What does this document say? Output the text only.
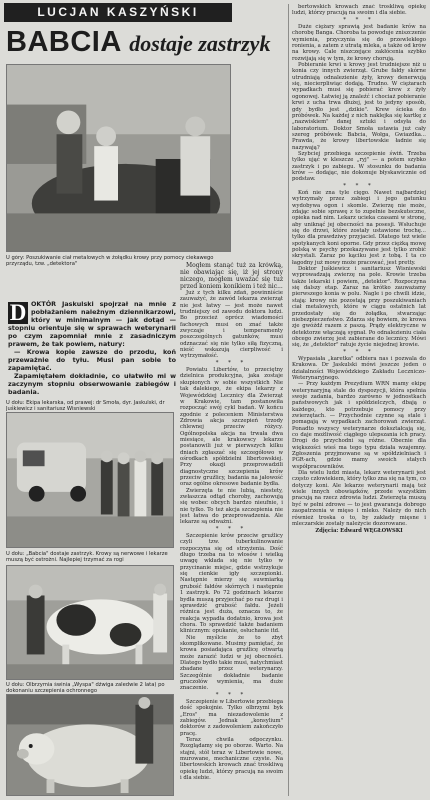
LUCJAN KASZYŃSKI
BABCIA dostaje zastrzyk
U góry: Poszukiwanie ciał metalowych w żołądku krowy przy pomocy ciekawego przyrządu, tzw. „detektora"
U dołu: Ekipa lekarska, od prawej: dr Smoła, dyr. Jaskulski, dr Juśkiewicz i sanitariusz Wisniewski
U dołu: „Babcia" dostaje zastrzyk. Krowy są nerwowe i lekarze muszą być ostrożni. Najlepiej trzymać za rogi
U dołu: Olbrzymia świnia „Wyspa" dźwiga zaledwie 2 lata) po dokonaniu szczepienia ochronnego
D OKTÓR Jaskulski spojrzał na mnie z pobłażaniem należnym dziennikarzowi, który w minimalnym — jak dotąd — stopniu orientuje się w sprawach weterynarii po czym zapomniał mnie z zasadniczym prawem, że tak powiem, natury:
— Krowa kopie zawsze do przodu, koń przeważnie do tyłu. Musi pan sobie to zapamiętać.
Zapamiętałem dokładnie, co ułatwiło mi w zaczynym stopniu obserwowanie zabiegów i badania.

Mogłem stanąć tuż za krówką, nie obawiając się, iż jej strony niczego, mogłem uważać się tuż przed koniem konikiem i też nic...

Już z tych kilku zdań, powinniście zauważyć, że zawód lekarza zwierząt nie jest łatwy — jest może nawet trudniejszy od zawodu doktora ludzi. Bo przecież oprócz wiadomości fachowych musi on znać także zwyczaje i temperamenty poszczególnych gatunków, musi odznaczać się nie tylko siłą fizyczną, nieść wskazują cierpliwość i wytrzymałość.

* * *

Powiatu Libertów, to przeciętny dzielnica produkcyjna, jaka zostaje skupionych w sobie wszystkich Nie tak dalekiego, że ekipa lekarzy z Wojewódzkiej Lecznicy dla Zwierząt w Krakowie, tam postanowiła rozpocząć swój cykl badań. W końcu zgodnie z poleceniem Ministerstwa Zdrowia akcja szczepień trzody chlewnej przeciw różycy. Ogólnopolska akcja na trwała dwa miesiące, ale krakowscy lekarze postanowili już w pierwszych kilku dniach zgłaszać się szczegółowo w ośrodkach spółdzielni libertowskiej. Przy okazji przeprowadzili diagnostyczne szczepienia krów przeciw gruźlicy, badania na jałowość oraz ogólne okresowe badanie bydła.

Zwierzęta te nie lubią, niestety, zwłaszcza odtąd choroby, zachowują się wobec obcych bardzo nieufnie, i nie tylko. To też akcja szczepienia nie jest łatwa do przeprowadzenia. Ale lekarze są odważni.

* * *

Szczepienie krów przeciw gruźlicy czyli tzw. tuberkulinowanie rozpoczyna się od strzyżenia. Dość długo trzeba na to włosów i wielką uwagę wkłada się nie tylko w przycinanie miejsc, gdzie wstrzykuje się cienkie igły szczepionki. Następnie mierzy się suwmiarką grubość fałdów skórnych i następnie 1 zastrzyk. Po 72 godzinach lekarze bydła muszą przyjechać po raz drugi i sprawdzić grubość fałdu. Jeżeli różnica jest duża, oznacza to, że reakcja wypadła dodatnio, krowa jest chora. To sprawdzić także badaniem klinicznym: opukanie, osłuchanie itd.

Nie myślcie że to zbyt skomplikowane. Musimy pamiętać, że krowa posiadająca gruźlicę otwartą może zarazić ludzi w jej obecności. Dlatego bydło takie musi, natychmiast zbadane przez weterynarzy. Szczególnie dokładnie badanie gruczołów wymienia, ma duże znaczenie.

* * *

Szczepienie w Libertowie przebiega dość spokojnie. Tylko olbrzymi byk „Eros" ma niezadowolenie z zabiegów. Jednak „konsylium" doktorów z zadowoleniem zakończyło pracę.

Teraz chwila odpoczynku. Rozglądamy się po oborze. Warto. Na stajni, stół teraz w Libertowie nowe, murowane, mechaniczne czyste. Na libertowskich krowach znać troskliwą opiekę ludzi, którzy pracują na swoim i dla siebie.

bertowskich krowach znać troskliwą opiekę ludzi, którzy pracują na swoim i dla siebie.

* * *

Duże ciężary sprawią jest badanie krów na chorobę Banga. Choroba ta powoduje zniszczenie wymienia, przyczynia się do przewlekłego ronienia, a zatem z utratą mleka, a także od krów na krowy. Cale niszczejące zakłócenia szybko rozwijają się w tym, że krowy chorują.

Pobieranie krwi u krowy jest trudniejsze niż u konia czy innych zwierząt. Grube fałdy skórne utrudniają odnalezienie żyły, krowy denerwują się, niecierpliwiąc dodają. Trudno. W ciężarach wypadkach musi się pobierać krew z żyły ogonowej. Łatwiej ją znaleźć i chociaż pobieranie krwi z ucha trwa dłużej, jest to jedyny sposób, gdy bydło jest „dzikie". Krew ścieka do próbówek. Na każdej z nich naklejka się kartkę z „nazwiskiem" danej sztuki i odsyła do laboratorium. Doktor Smoła ustawia już cały szereg próbówek: Babcia, Wołga, Gwiazdka... Prawda, że krowy libertowskie ładnie się nazywają?

Szybciej przebiega szczepienie świń. Trzeba tylko ująć w kleszcze „ryj" — a potem szybko zastrzyk i po zabiegu. W stosunku do badania krów — dodając, nie dokonuje błyskawicznie od podstaw.

* * *

Koń nie zna tyle cięgo. Nawet najbardziej wytrzymały przez zabiegi i jego gatunku wydobywa ogon i skomle. Zwierzę nie może, zdając sobie sprawę z to zupełnie bezskuteczne, opieka nad nim. Lekarz ucieka czasami w stronę, aby uniknąć jej obecności na posesji. Wsłuchuje się do drzwi, które zostały ustawione trochę... tylko dla prawdziwy przyjaciel. Dlatego też wiele spotykanych koni oporne. Gdy przez ciężką mowę polską w psychy przekazywane jest tylko zrobić skrystali. Zaraz po kąciku jest z tobą. I ta co łagodny już mowy może pracować, jest pretty.

Doktor Juśkiewicz i sanitariusz Wisniewski wyprowadzają zwierzę na pole. Krowie trzeba także lekarski i powiem, „detektor". Rozpoczyna się dalszy etap. Zaraz na krótko zauważamy pierwszego konia w polu. Nagle i po chwili idzie, stają: krowy nie pozostają przy poszukiwaniach ciał metalowych, które w ciągu ostatnich lat przedostały się do żołądka, stwarzając niebezpieczeństwo. Zdarza się bowiem, że krowa zje gwóźdź razem z paszą. Prądy elektryczne w detektorze włączają sygnał. Po odnalezieniu ciała obcego zwierzę jest zabierane do lecznicy. Mówi się, że „detektor" ratuje życie niejednej krowie.

* * *

Wypasiała „karetka" odbiera nas i pozwala do Krakowa. Dr Jaskulski mówi jeszcze jeden o działalności Wojewódzkiego Zakładu Leczniczo-Weterynaryjnego.

— Przy każdym Prezydium WRN mamy ekipę weterynaryjną stale do dyspozycji, która spełnia swoje zadania, bardzo zarówno w jednostkach państwowych jak i spółdzielczych, dbają o każdego, kto potrzebuje pomocy przy zwierzętach. — Przychodnie czynne są stale i pomagają w wypadkach zachorowań zwierząt. Ponadto wszyscy weterynarze dokształcają się, co daje możliwość ciągłego ulepszania ich pracy. Drogi do przychodni są różne. Obecnie dla większości wieś ma tego typu działa wzajemny. Zgłoszenia przyjmowane są w spółdzielniach i PGR-ach, gdzie mamy swoich stałych współpracowników.

Dla wielu ludzi miasta, lekarz weterynarii jest często człowiekiem, który tylko zna się na tym, co dotyczy koni. Ale lekarze weterynarii mają też wiele innych obowiązków, przede wszystkim pracują na rzecz zdrowia ludzi. Zwierzęta muszą być w pełni zdrowe — to jest gwarancja dobrego zaopatrzenia w mięso i mleko. Należy do nich również troska o to, by zakłady mięsne i mleczarskie zostały należycie dozorowane.

Zdjęcia: Edward WĘGŁOWSKI
